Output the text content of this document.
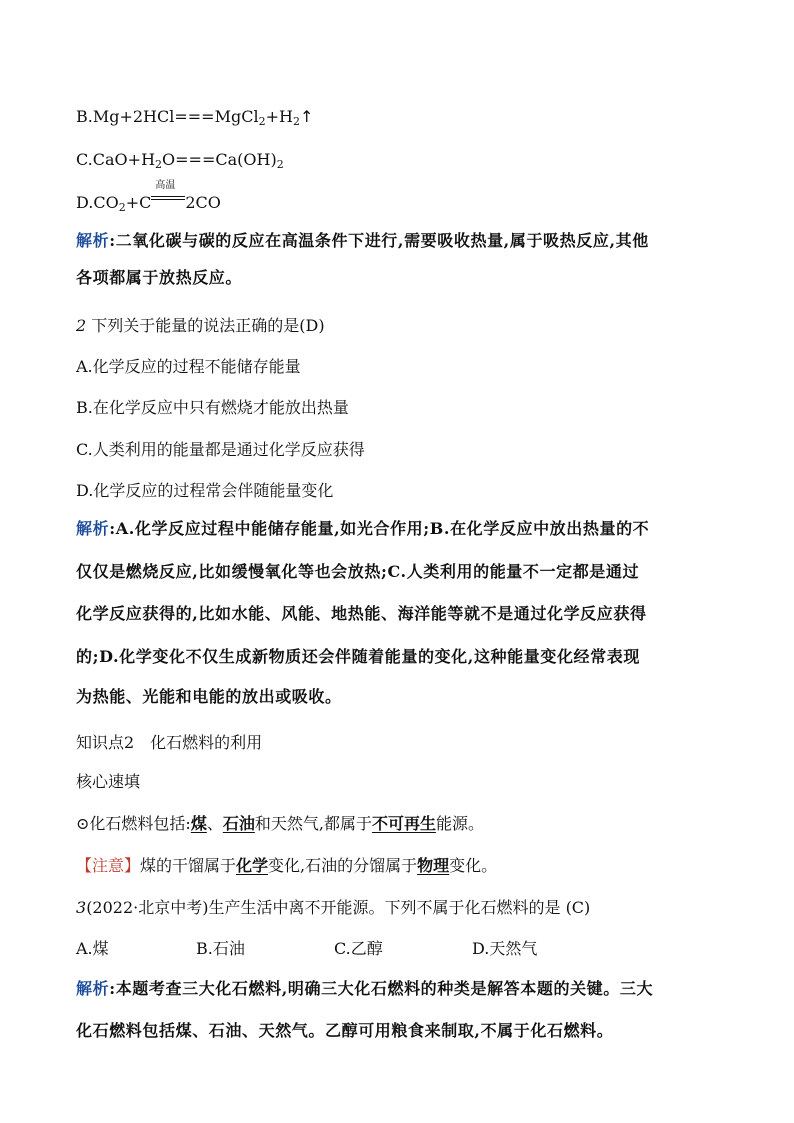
$B.Mg+2HCl===MgCl_2+H_2↑$
$C.CaO+H_2O===Ca(OH)_2$
$D.CO_2+C$
高温
2CO
解析:二氧化碳与碳的反应在高温条件下进行,需要吸收热量,属于吸热反应,其他
各项都属于放热反应。
2 下列关于能量的说法正确的是(D)
A.化学反应的过程不能储存能量
B.在化学反应中只有燃烧才能放出热量
C.人类利用的能量都是通过化学反应获得
D.化学反应的过程常会伴随能量变化
解析:A.化学反应过程中能储存能量,如光合作用;B.在化学反应中放出热量的不
仅仅是燃烧反应,比如缓慢氧化等也会放热;C.人类利用的能量不一定都是通过
化学反应获得的,比如水能、风能、地热能、海洋能等就不是通过化学反应获得
的;D.化学变化不仅生成新物质还会伴随着能量的变化,这种能量变化经常表现
为热能、光能和电能的放出或吸收。
知识点2　化石燃料的利用
核心速填
⊙化石燃料包括:煤、石油和天然气,都属于不可再生能源。
【注意】煤的干馏属于化学变化,石油的分馏属于物理变化。
3(2022·北京中考)生产生活中离不开能源。下列不属于化石燃料的是 (C)
A.煤	B.石油	C.乙醇	D.天然气
解析:本题考查三大化石燃料,明确三大化石燃料的种类是解答本题的关键。三大
化石燃料包括煤、石油、天然气。乙醇可用粮食来制取,不属于化石燃料。
